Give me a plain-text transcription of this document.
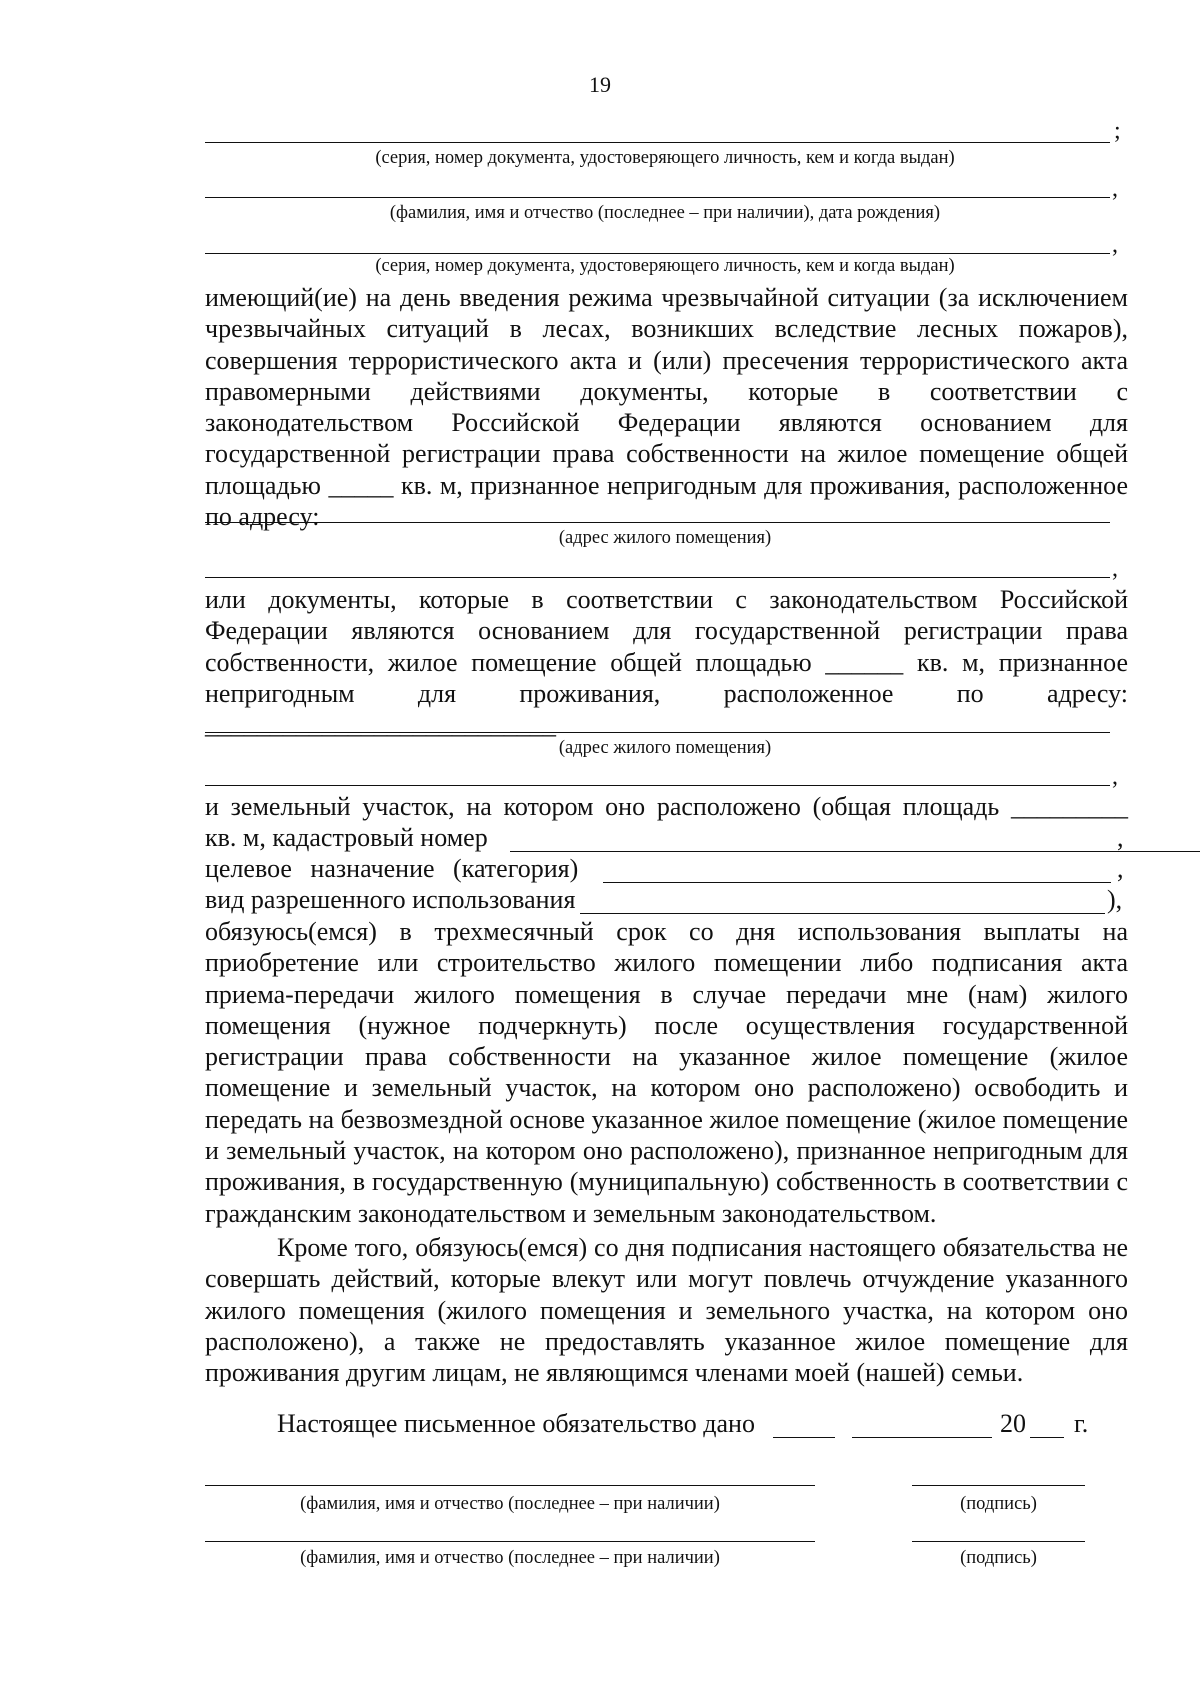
19
;
(серия, номер документа, удостоверяющего личность, кем и когда выдан)
,
(фамилия, имя и отчество (последнее – при наличии), дата рождения)
,
(серия, номер документа, удостоверяющего личность, кем и когда выдан)

имеющий(ие) на день введения режима чрезвычайной ситуации (за исключением чрезвычайных ситуаций в лесах, возникших вследствие лесных пожаров), совершения террористического акта и (или) пресечения террористического акта правомерными действиями документы, которые в соответствии с законодательством Российской Федерации являются основанием для государственной регистрации права собственности на жилое помещение общей площадью _____ кв. м, признанное непригодным для проживания, расположенное по адресу:

(адрес жилого помещения)
,

или документы, которые в соответствии с законодательством Российской Федерации являются основанием для государственной регистрации права собственности, жилое помещение общей площадью ______ кв. м, признанное непригодным для проживания, расположенное по адресу: ___________________________

(адрес жилого помещения)
,
и земельный участок, на котором оно расположено (общая площадь _________
кв. м, кадастровый номер	,
целевое назначение (категория)	,
вид разрешенного использования	),

обязуюсь(емся) в трехмесячный срок со дня использования выплаты на приобретение или строительство жилого помещении либо подписания акта приема-передачи жилого помещения в случае передачи мне (нам) жилого помещения (нужное подчеркнуть) после осуществления государственной регистрации права собственности на указанное жилое помещение (жилое помещение и земельный участок, на котором оно расположено) освободить и передать на безвозмездной основе указанное жилое помещение (жилое помещение и земельный участок, на котором оно расположено), признанное непригодным для проживания, в государственную (муниципальную) собственность в соответствии с гражданским законодательством и земельным законодательством.

Кроме того, обязуюсь(емся) со дня подписания настоящего обязательства не совершать действий, которые влекут или могут повлечь отчуждение указанного жилого помещения (жилого помещения и земельного участка, на котором оно расположено), а также не предоставлять указанное жилое помещение для проживания другим лицам, не являющимся членами моей (нашей) семьи.

Настоящее письменное обязательство дано	20 г.
(фамилия, имя и отчество (последнее – при наличии)	(подпись)
(фамилия, имя и отчество (последнее – при наличии)	(подпись)
